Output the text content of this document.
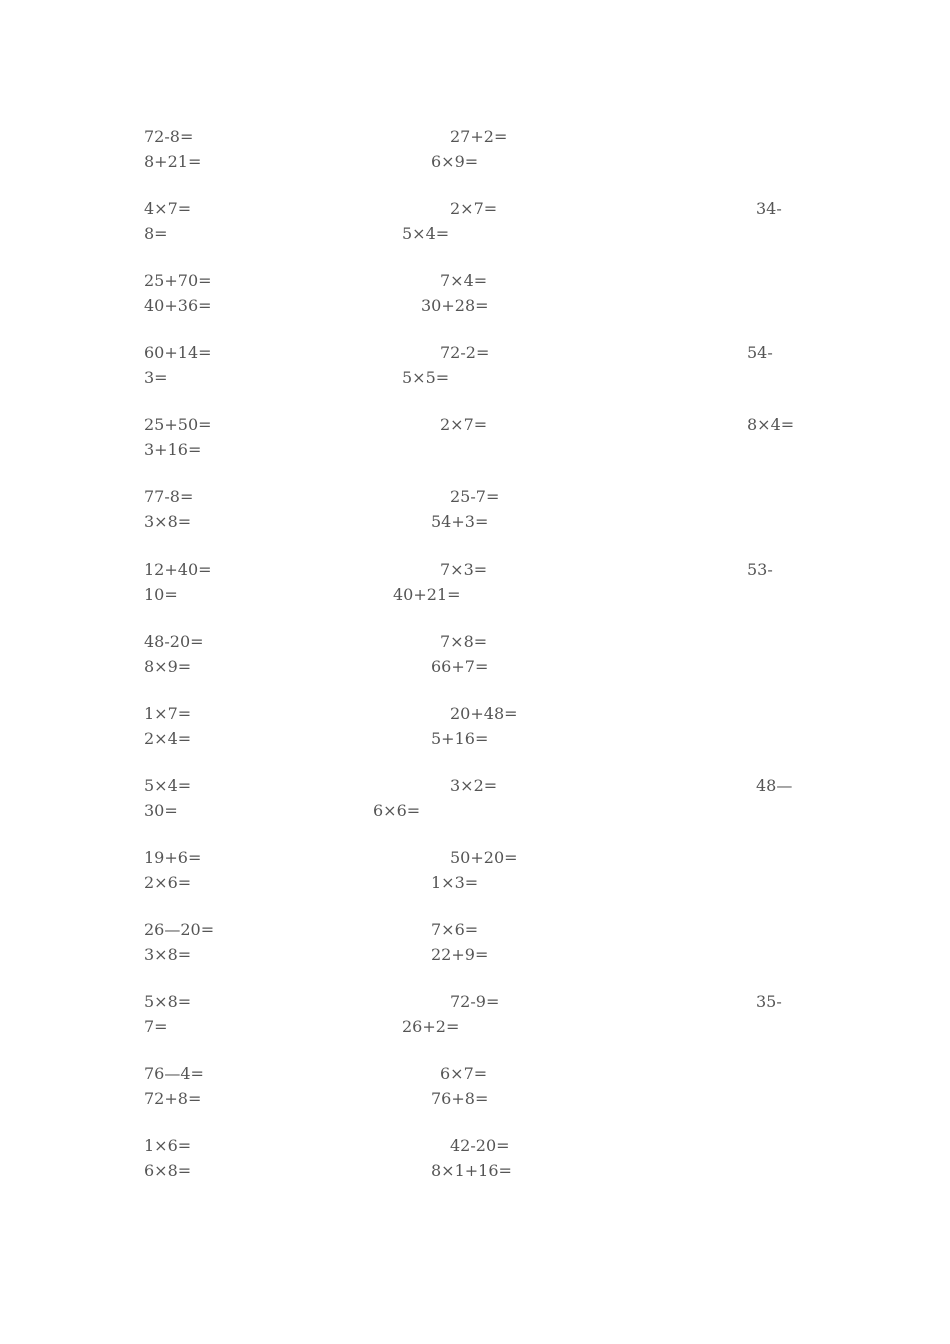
72-8=	27+2=
8+21=	6×9=
4×7=	2×7=	34-
8=	5×4=
25+70=	7×4=
40+36=	30+28=
60+14=	72-2=	54-
3=	5×5=
25+50=	2×7=	8×4=
3+16=
77-8=	25-7=
3×8=	54+3=
12+40=	7×3=	53-
10=	40+21=
48-20=	7×8=
8×9=	66+7=
1×7=	20+48=
2×4=	5+16=
5×4=	3×2=	48—
30=	6×6=
19+6=	50+20=
2×6=	1×3=
26—20=	7×6=
3×8=	22+9=
5×8=	72-9=	35-
7=	26+2=
76—4=	6×7=
72+8=	76+8=
1×6=	42-20=
6×8=	8×1+16=
